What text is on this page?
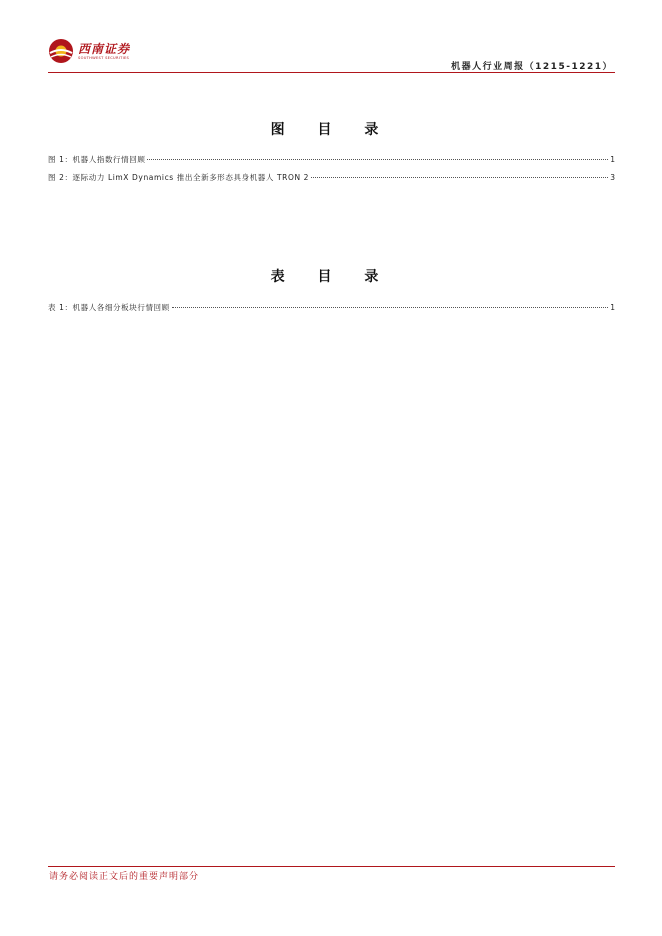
西南证券
SOUTHWEST SECURITIES
机器人行业周报（1215-1221）
图 目 录
图 1：机器人指数行情回顾	1
图 2：逐际动力 LimX Dynamics 推出全新多形态具身机器人 TRON 2	3
表 目 录
表 1：机器人各细分板块行情回顾	1
请务必阅读正文后的重要声明部分
